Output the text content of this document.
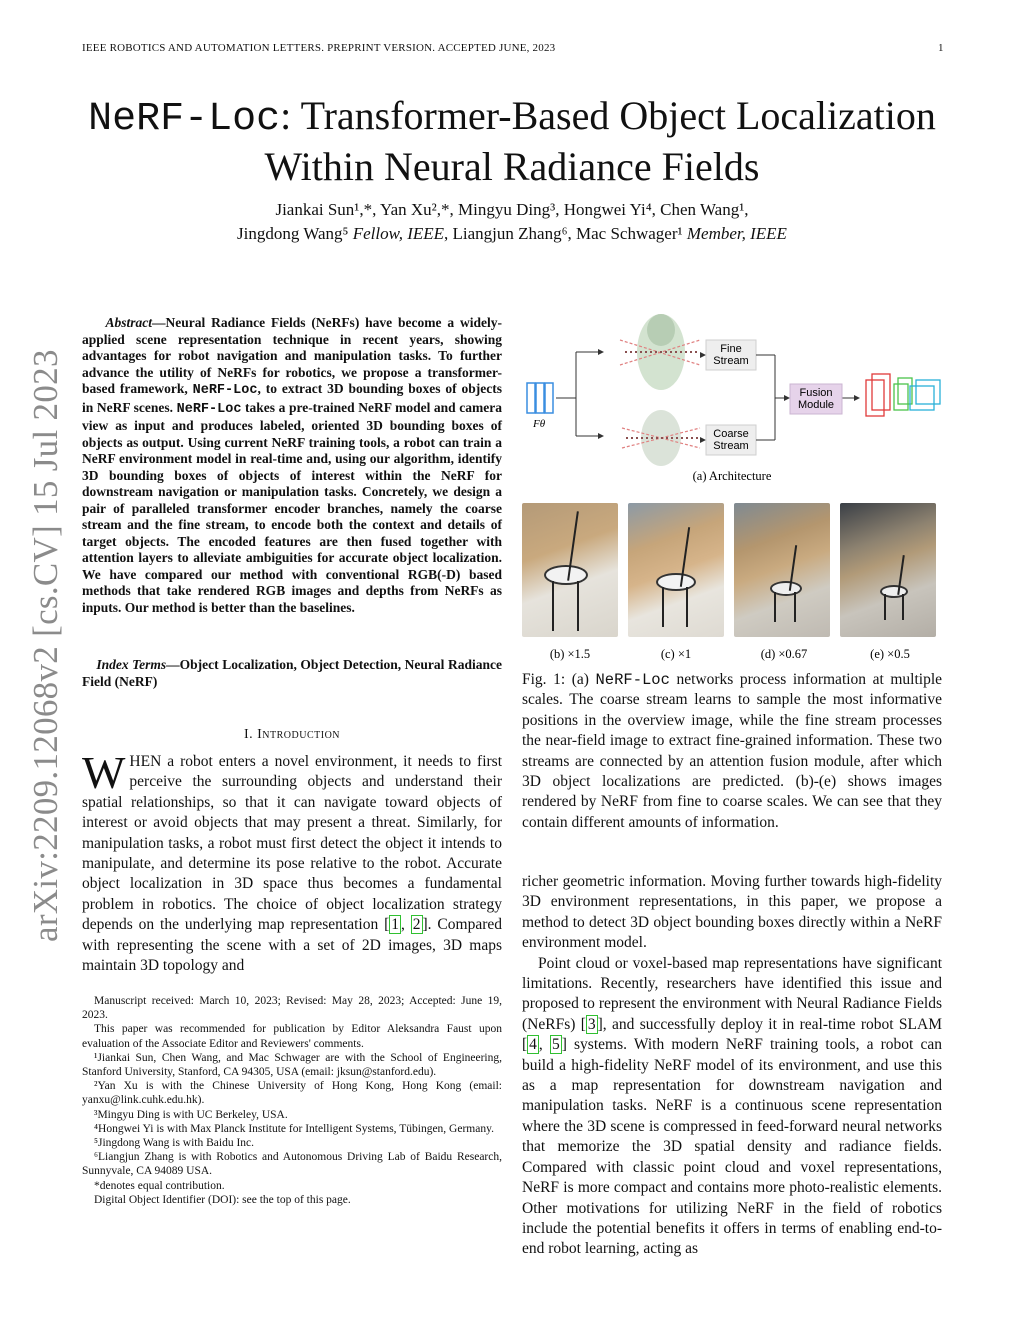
IEEE ROBOTICS AND AUTOMATION LETTERS. PREPRINT VERSION. ACCEPTED JUNE, 2023	1
NeRF-Loc: Transformer-Based Object Localization Within Neural Radiance Fields
Jiankai Sun¹,*, Yan Xu²,*, Mingyu Ding³, Hongwei Yi⁴, Chen Wang¹,
Jingdong Wang⁵ Fellow, IEEE, Liangjun Zhang⁶, Mac Schwager¹ Member, IEEE
arXiv:2209.12068v2 [cs.CV] 15 Jul 2023
Abstract—Neural Radiance Fields (NeRFs) have become a widely-applied scene representation technique in recent years, showing advantages for robot navigation and manipulation tasks. To further advance the utility of NeRFs for robotics, we propose a transformer-based framework, NeRF-Loc, to extract 3D bounding boxes of objects in NeRF scenes. NeRF-Loc takes a pre-trained NeRF model and camera view as input and produces labeled, oriented 3D bounding boxes of objects as output. Using current NeRF training tools, a robot can train a NeRF environment model in real-time and, using our algorithm, identify 3D bounding boxes of objects of interest within the NeRF for downstream navigation or manipulation tasks. Concretely, we design a pair of paralleled transformer encoder branches, namely the coarse stream and the fine stream, to encode both the context and details of target objects. The encoded features are then fused together with attention layers to alleviate ambiguities for accurate object localization. We have compared our method with conventional RGB(-D) based methods that take rendered RGB images and depths from NeRFs as inputs. Our method is better than the baselines.
Index Terms—Object Localization, Object Detection, Neural Radiance Field (NeRF)
I. Introduction
WHEN a robot enters a novel environment, it needs to first perceive the surrounding objects and understand their spatial relationships, so that it can navigate toward objects of interest or avoid objects that may present a threat. Similarly, for manipulation tasks, a robot must first detect the object it intends to manipulate, and determine its pose relative to the robot. Accurate object localization in 3D space thus becomes a fundamental problem in robotics. The choice of object localization strategy depends on the underlying map representation [ 1 , 2 ]. Compared with representing the scene with a set of 2D images, 3D maps maintain 3D topology and

Manuscript received: March 10, 2023; Revised: May 28, 2023; Accepted: June 19, 2023.

This paper was recommended for publication by Editor Aleksandra Faust upon evaluation of the Associate Editor and Reviewers' comments.

¹Jiankai Sun, Chen Wang, and Mac Schwager are with the School of Engineering, Stanford University, Stanford, CA 94305, USA (email: jksun@stanford.edu).

²Yan Xu is with the Chinese University of Hong Kong, Hong Kong (email: yanxu@link.cuhk.edu.hk).

³Mingyu Ding is with UC Berkeley, USA.

⁴Hongwei Yi is with Max Planck Institute for Intelligent Systems, Tübingen, Germany.

⁵Jingdong Wang is with Baidu Inc.

⁶Liangjun Zhang is with Robotics and Autonomous Driving Lab of Baidu Research, Sunnyvale, CA 94089 USA.

*denotes equal contribution.

Digital Object Identifier (DOI): see the top of this page.

Fθ
Fine Stream
Coarse Stream
Fusion Module
(a) Architecture
(b) ×1.5	(c) ×1	(d) ×0.67	(e) ×0.5
Fig. 1: (a) NeRF-Loc networks process information at multiple scales. The coarse stream learns to sample the most informative positions in the overview image, while the fine stream processes the near-field image to extract fine-grained information. These two streams are connected by an attention fusion module, after which 3D object localizations are predicted. (b)-(e) shows images rendered by NeRF from fine to coarse scales. We can see that they contain different amounts of information.

richer geometric information. Moving further towards high-fidelity 3D environment representations, in this paper, we propose a method to detect 3D object bounding boxes directly within a NeRF environment model.

Point cloud or voxel-based map representations have significant limitations. Recently, researchers have identified this issue and proposed to represent the environment with Neural Radiance Fields (NeRFs) [ 3 ], and successfully deploy it in real-time robot SLAM [ 4 , 5 ] systems. With modern NeRF training tools, a robot can build a high-fidelity NeRF model of its environment, and use this as a map representation for downstream navigation and manipulation tasks. NeRF is a continuous scene representation where the 3D scene is compressed in feed-forward neural networks that memorize the 3D spatial density and radiance fields. Compared with classic point cloud and voxel representations, NeRF is more compact and contains more photo-realistic elements. Other motivations for utilizing NeRF in the field of robotics include the potential benefits it offers in terms of enabling end-to-end robot learning, acting as
